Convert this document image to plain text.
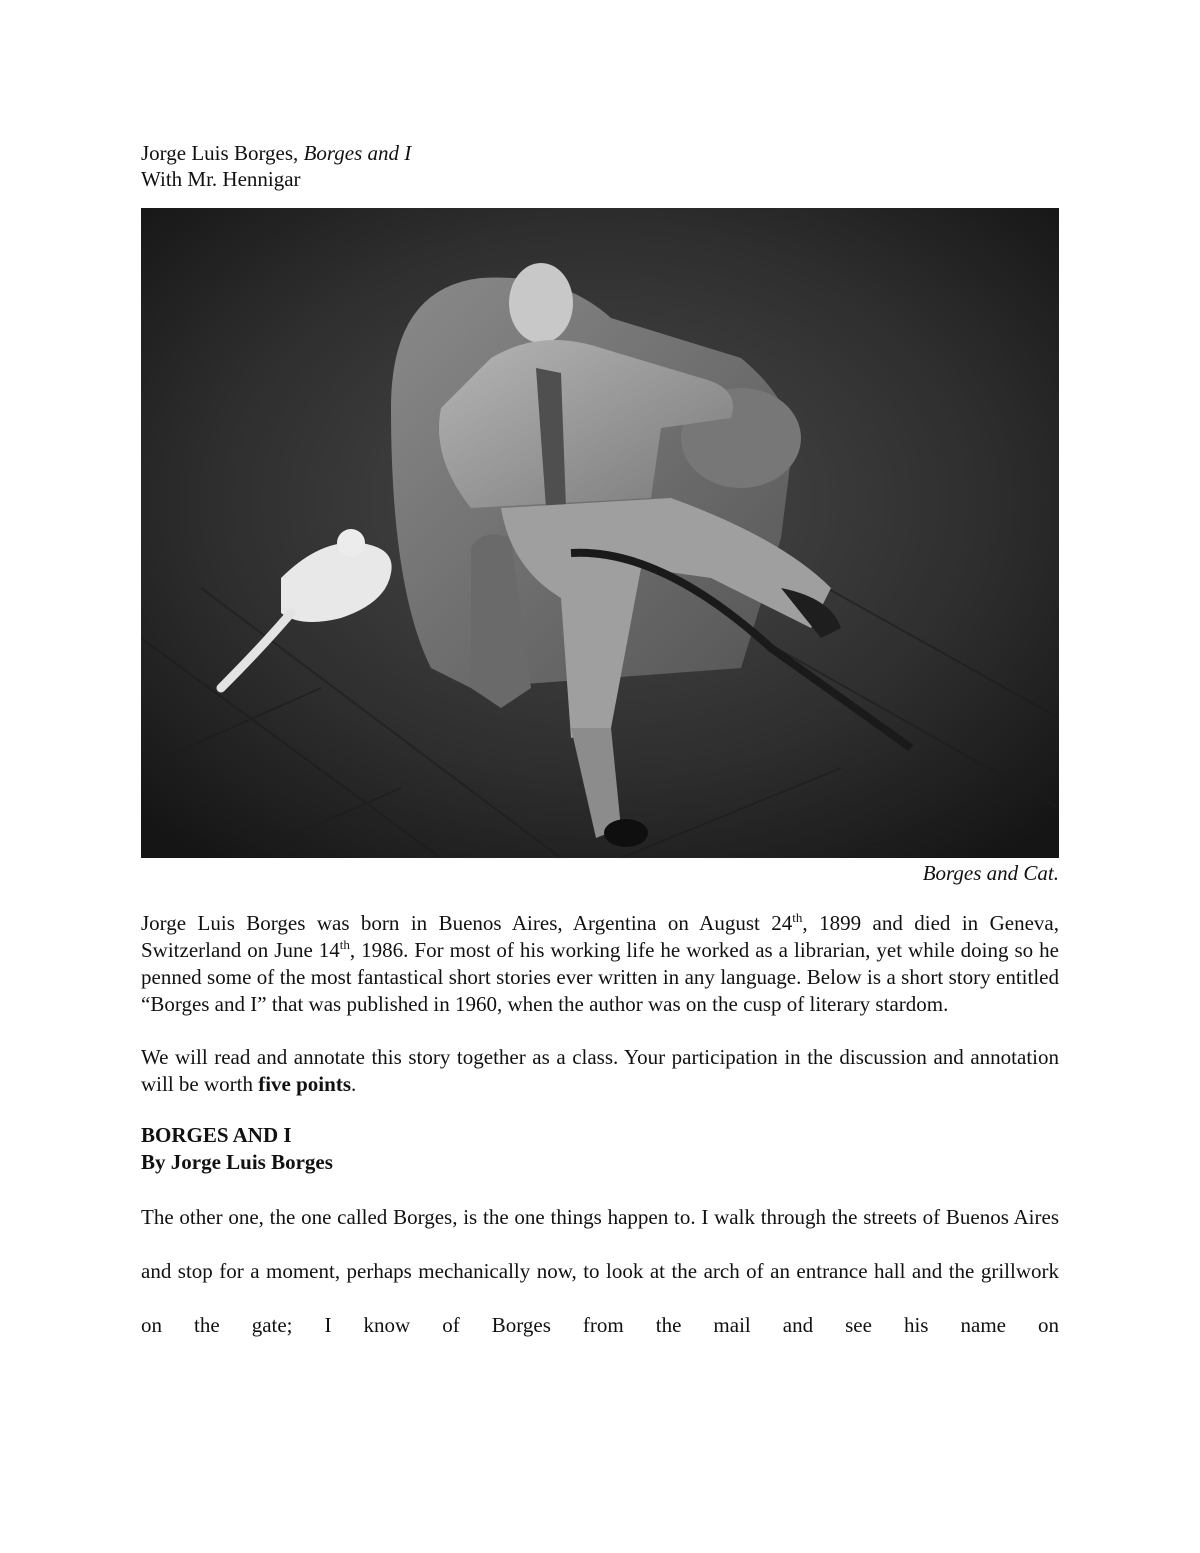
Jorge Luis Borges, Borges and I

With Mr. Hennigar

Borges and Cat.

Jorge Luis Borges was born in Buenos Aires, Argentina on August 24th, 1899 and died in Geneva, Switzerland on June 14th, 1986. For most of his working life he worked as a librarian, yet while doing so he penned some of the most fantastical short stories ever written in any language. Below is a short story entitled “Borges and I” that was published in 1960, when the author was on the cusp of literary stardom.

We will read and annotate this story together as a class. Your participation in the discussion and annotation will be worth five points.

BORGES AND I

By Jorge Luis Borges

The other one, the one called Borges, is the one things happen to. I walk through the streets of Buenos Aires and stop for a moment, perhaps mechanically now, to look at the arch of an entrance hall and the grillwork on the gate; I know of Borges from the mail and see his name on
